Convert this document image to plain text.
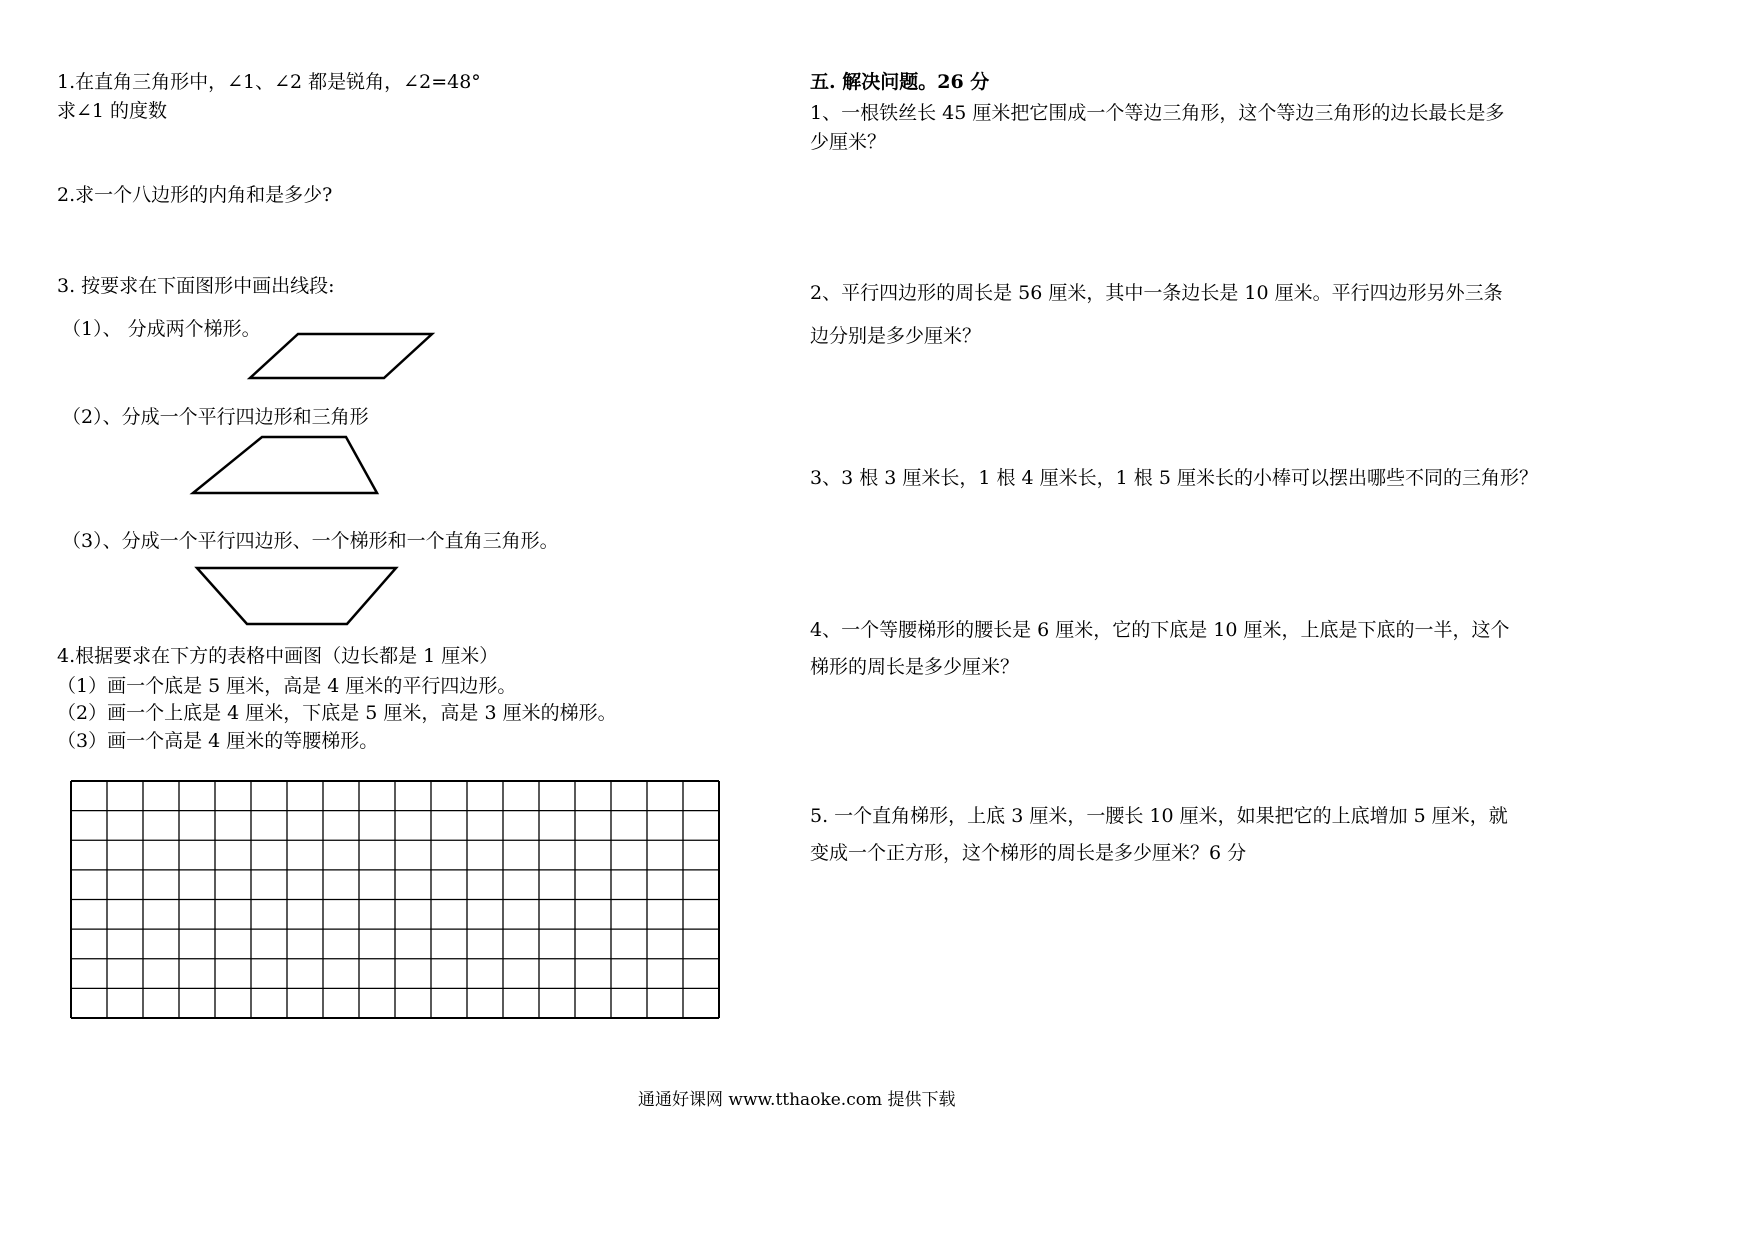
1.在直角三角形中，∠1、∠2 都是锐角，∠2=48°
求∠1 的度数
2.求一个八边形的内角和是多少?
3. 按要求在下面图形中画出线段:
（1）、 分成两个梯形。
（2）、分成一个平行四边形和三角形
（3）、分成一个平行四边形、一个梯形和一个直角三角形。
4.根据要求在下方的表格中画图（边长都是 1 厘米）
（1）画一个底是 5 厘米，高是 4 厘米的平行四边形。
（2）画一个上底是 4 厘米，下底是 5 厘米，高是 3 厘米的梯形。
（3）画一个高是 4 厘米的等腰梯形。
五. 解决问题。26 分
1、一根铁丝长 45 厘米把它围成一个等边三角形，这个等边三角形的边长最长是多少厘米？
2、平行四边形的周长是 56 厘米，其中一条边长是 10 厘米。平行四边形另外三条边分别是多少厘米？
3、3 根 3 厘米长，1 根 4 厘米长，1 根 5 厘米长的小棒可以摆出哪些不同的三角形？
4、一个等腰梯形的腰长是 6 厘米，它的下底是 10 厘米，上底是下底的一半，这个梯形的周长是多少厘米？
5. 一个直角梯形，上底 3 厘米，一腰长 10 厘米，如果把它的上底增加 5 厘米，就变成一个正方形，这个梯形的周长是多少厘米？6 分
通通好课网 www.tthaoke.com 提供下载
